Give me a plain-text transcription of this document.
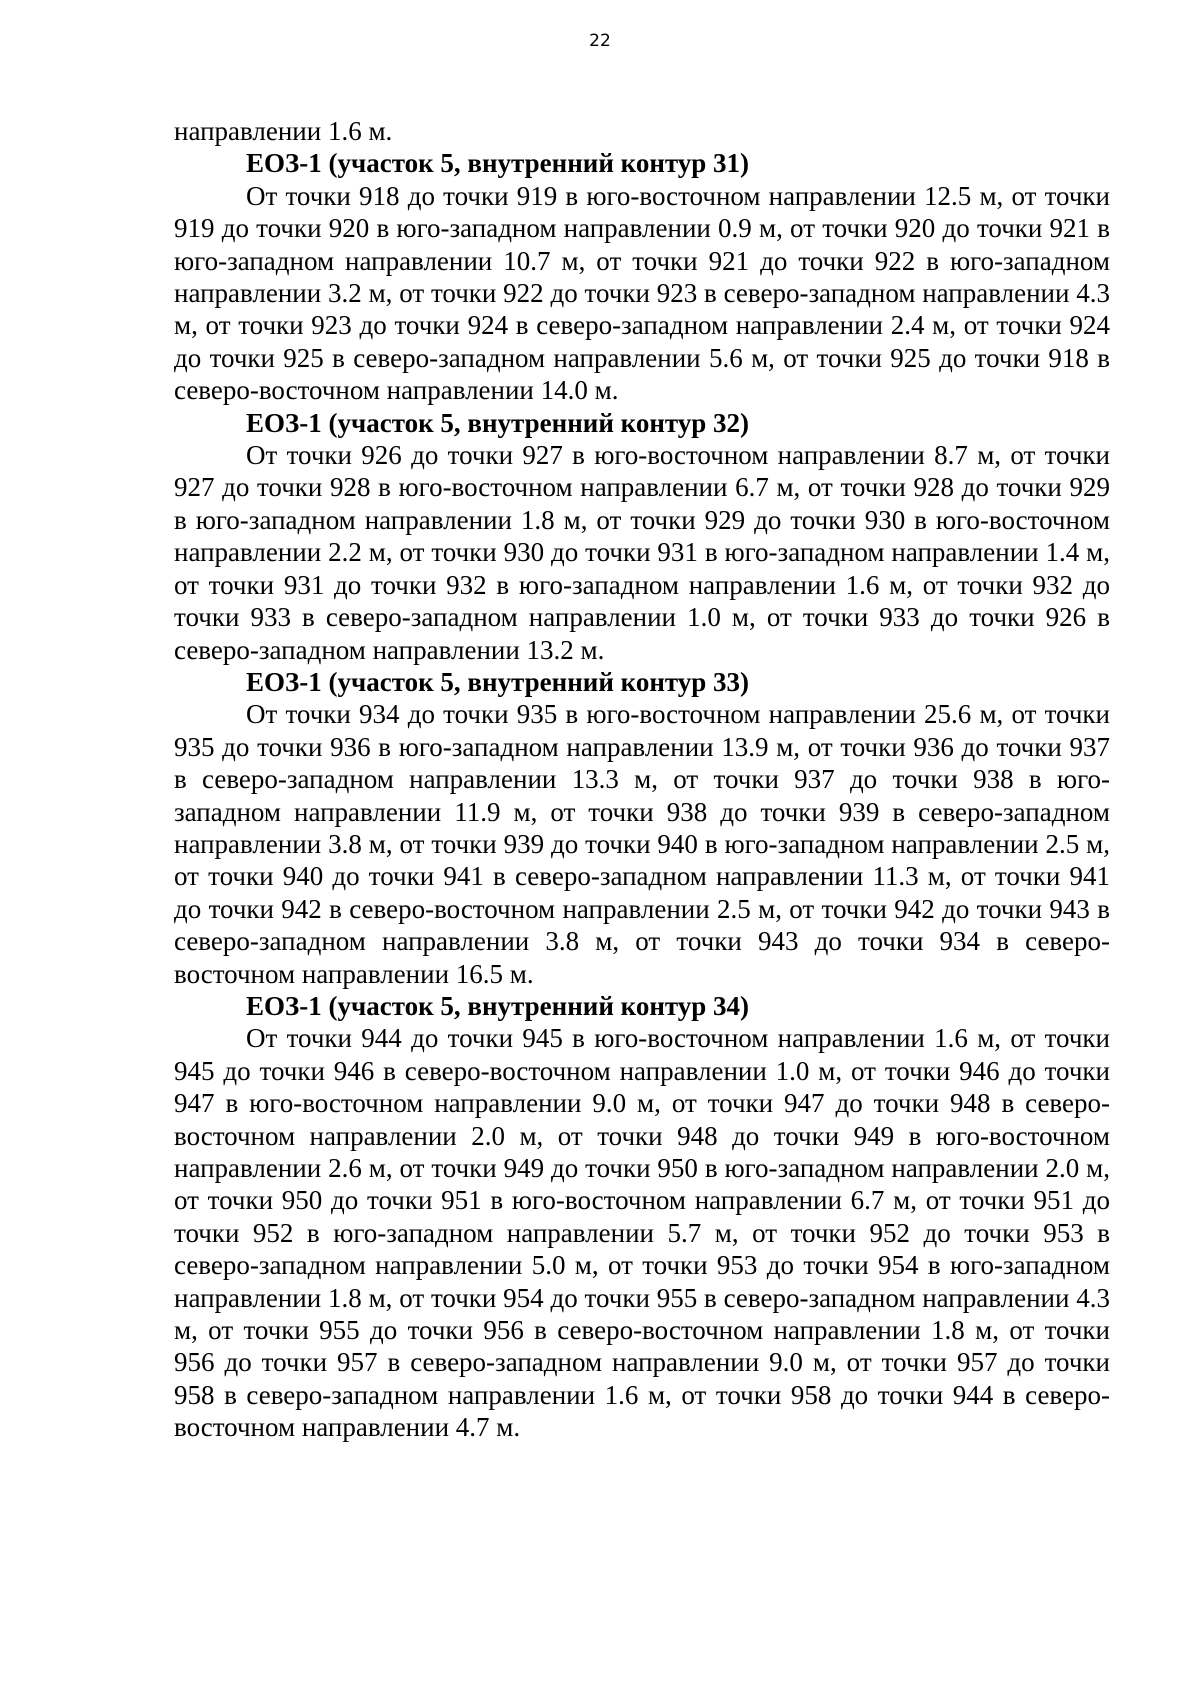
22

направлении 1.6 м.

ЕОЗ-1 (участок 5, внутренний контур 31)

От точки 918 до точки 919 в юго-восточном направлении 12.5 м, от точки 919 до точки 920 в юго-западном направлении 0.9 м, от точки 920 до точки 921 в юго-западном направлении 10.7 м, от точки 921 до точки 922 в юго-западном направлении 3.2 м, от точки 922 до точки 923 в северо-западном направлении 4.3 м, от точки 923 до точки 924 в северо-западном направлении 2.4 м, от точки 924 до точки 925 в северо-западном направлении 5.6 м, от точки 925 до точки 918 в северо-восточном направлении 14.0 м.

ЕОЗ-1 (участок 5, внутренний контур 32)

От точки 926 до точки 927 в юго-восточном направлении 8.7 м, от точки 927 до точки 928 в юго-восточном направлении 6.7 м, от точки 928 до точки 929 в юго-западном направлении 1.8 м, от точки 929 до точки 930 в юго-восточном направлении 2.2 м, от точки 930 до точки 931 в юго-западном направлении 1.4 м, от точки 931 до точки 932 в юго-западном направлении 1.6 м, от точки 932 до точки 933 в северо-западном направлении 1.0 м, от точки 933 до точки 926 в северо-западном направлении 13.2 м.

ЕОЗ-1 (участок 5, внутренний контур 33)

От точки 934 до точки 935 в юго-восточном направлении 25.6 м, от точки 935 до точки 936 в юго-западном направлении 13.9 м, от точки 936 до точки 937 в северо-западном направлении 13.3 м, от точки 937 до точки 938 в юго-западном направлении 11.9 м, от точки 938 до точки 939 в северо-западном направлении 3.8 м, от точки 939 до точки 940 в юго-западном направлении 2.5 м, от точки 940 до точки 941 в северо-западном направлении 11.3 м, от точки 941 до точки 942 в северо-восточном направлении 2.5 м, от точки 942 до точки 943 в северо-западном направлении 3.8 м, от точки 943 до точки 934 в северо-восточном направлении 16.5 м.

ЕОЗ-1 (участок 5, внутренний контур 34)

От точки 944 до точки 945 в юго-восточном направлении 1.6 м, от точки 945 до точки 946 в северо-восточном направлении 1.0 м, от точки 946 до точки 947 в юго-восточном направлении 9.0 м, от точки 947 до точки 948 в северо-восточном направлении 2.0 м, от точки 948 до точки 949 в юго-восточном направлении 2.6 м, от точки 949 до точки 950 в юго-западном направлении 2.0 м, от точки 950 до точки 951 в юго-восточном направлении 6.7 м, от точки 951 до точки 952 в юго-западном направлении 5.7 м, от точки 952 до точки 953 в северо-западном направлении 5.0 м, от точки 953 до точки 954 в юго-западном направлении 1.8 м, от точки 954 до точки 955 в северо-западном направлении 4.3 м, от точки 955 до точки 956 в северо-восточном направлении 1.8 м, от точки 956 до точки 957 в северо-западном направлении 9.0 м, от точки 957 до точки 958 в северо-западном направлении 1.6 м, от точки 958 до точки 944 в северо-восточном направлении 4.7 м.
